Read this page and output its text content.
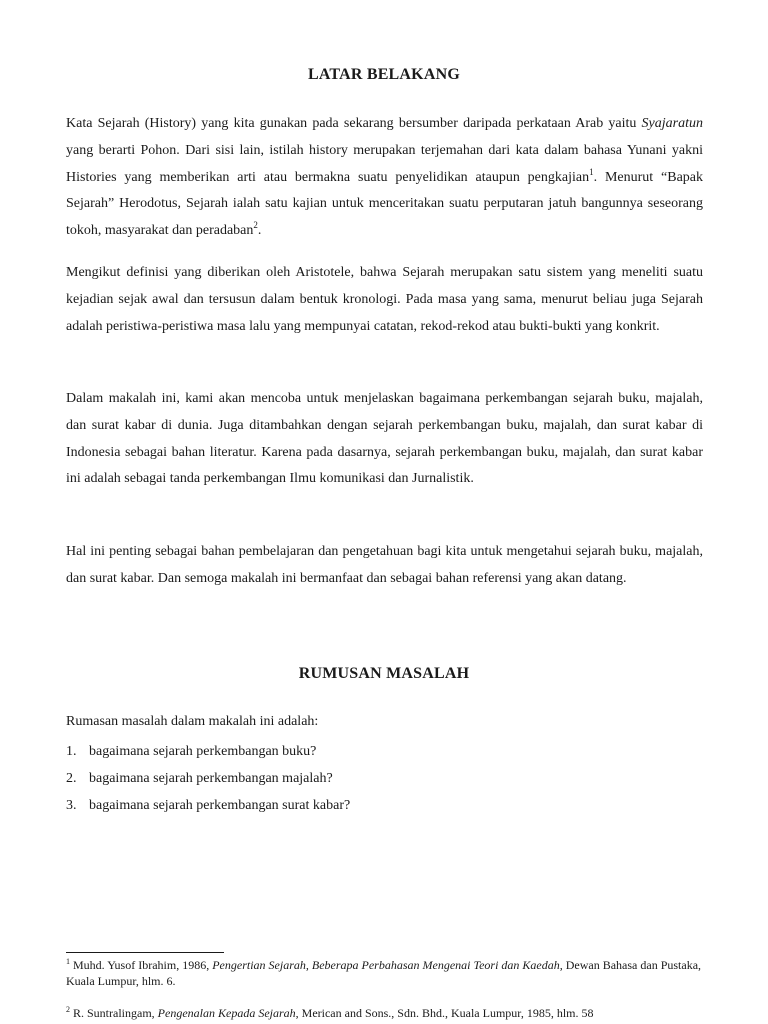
LATAR BELAKANG

Kata Sejarah (History) yang kita gunakan pada sekarang bersumber daripada perkataan Arab yaitu Syajaratun yang berarti Pohon. Dari sisi lain, istilah history merupakan terjemahan dari kata dalam bahasa Yunani yakni Histories yang memberikan arti atau bermakna suatu penyelidikan ataupun pengkajian$^1$. Menurut “Bapak Sejarah” Herodotus, Sejarah ialah satu kajian untuk menceritakan suatu perputaran jatuh bangunnya seseorang tokoh, masyarakat dan peradaban$^2$.

Mengikut definisi yang diberikan oleh Aristotele, bahwa Sejarah merupakan satu sistem yang meneliti suatu kejadian sejak awal dan tersusun dalam bentuk kronologi. Pada masa yang sama, menurut beliau juga Sejarah adalah peristiwa-peristiwa masa lalu yang mempunyai catatan, rekod-rekod atau bukti-bukti yang konkrit.

Dalam makalah ini, kami akan mencoba untuk menjelaskan bagaimana perkembangan sejarah buku, majalah, dan surat kabar di dunia. Juga ditambahkan dengan sejarah perkembangan buku, majalah, dan surat kabar di Indonesia sebagai bahan literatur. Karena pada dasarnya, sejarah perkembangan buku, majalah, dan surat kabar ini adalah sebagai tanda perkembangan Ilmu komunikasi dan Jurnalistik.

Hal ini penting sebagai bahan pembelajaran dan pengetahuan bagi kita untuk mengetahui sejarah buku, majalah, dan surat kabar. Dan semoga makalah ini bermanfaat dan sebagai bahan referensi yang akan datang.

RUMUSAN MASALAH

Rumasan masalah dalam makalah ini adalah:

1. bagaimana sejarah perkembangan buku?
2. bagaimana sejarah perkembangan majalah?
3. bagaimana sejarah perkembangan surat kabar?

$^1$ Muhd. Yusof Ibrahim, 1986, Pengertian Sejarah, Beberapa Perbahasan Mengenai Teori dan Kaedah, Dewan Bahasa dan Pustaka, Kuala Lumpur, hlm. 6.

$^2$ R. Suntralingam, Pengenalan Kepada Sejarah, Merican and Sons., Sdn. Bhd., Kuala Lumpur, 1985, hlm. 58
